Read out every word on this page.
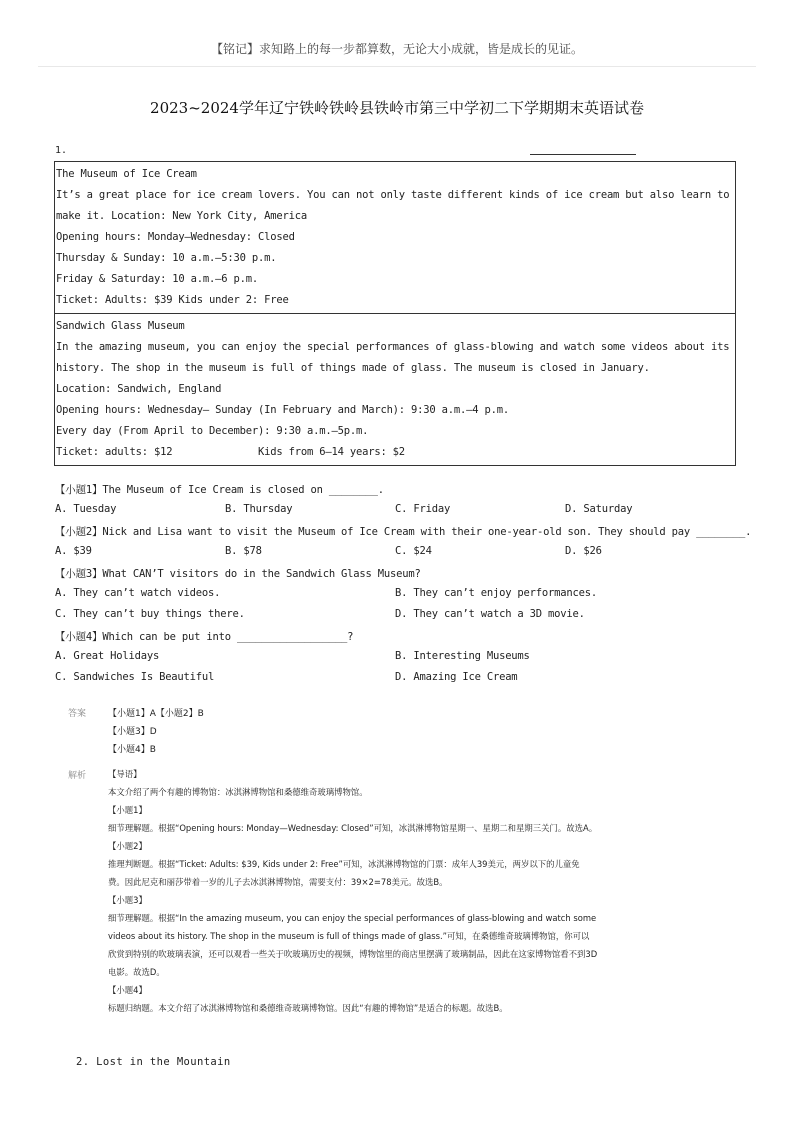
【铭记】求知路上的每一步都算数，无论大小成就，皆是成长的见证。
2023~2024学年辽宁铁岭铁岭县铁岭市第三中学初二下学期期末英语试卷
1.
The Museum of Ice Cream
It’s a great place for ice cream lovers. You can not only taste different kinds of ice cream but also learn to
make it. Location: New York City, America
Opening hours: Monday—Wednesday: Closed
Thursday & Sunday: 10 a.m.—5:30 p.m.
Friday & Saturday: 10 a.m.—6 p.m.
Ticket: Adults: $39 Kids under 2: Free
Sandwich Glass Museum
In the amazing museum, you can enjoy the special performances of glass-blowing and watch some videos about its
history. The shop in the museum is full of things made of glass. The museum is closed in January.
Location: Sandwich, England
Opening hours: Wednesday— Sunday (In February and March): 9:30 a.m.—4 p.m.
Every day (From April to December): 9:30 a.m.—5p.m.
Ticket: adults: $12              Kids from 6—14 years: $2
【小题1】The Museum of Ice Cream is closed on ________.
A. Tuesday	B. Thursday	C. Friday	D. Saturday
【小题2】Nick and Lisa want to visit the Museum of Ice Cream with their one-year-old son. They should pay ________.
A. $39	B. $78	C. $24	D. $26
【小题3】What CAN’T visitors do in the Sandwich Glass Museum?
A. They can’t watch videos.	B. They can’t enjoy performances.
C. They can’t buy things there.	D. They can’t watch a 3D movie.
【小题4】Which can be put into __________________?
A. Great Holidays	B. Interesting Museums
C. Sandwiches Is Beautiful	D. Amazing Ice Cream
答案 【小题1】A【小题2】B
【小题3】D
【小题4】B
解析	【导语】
本文介绍了两个有趣的博物馆：冰淇淋博物馆和桑德维奇玻璃博物馆。
【小题1】
细节理解题。根据“Opening hours: Monday—Wednesday: Closed”可知，冰淇淋博物馆星期一、星期二和星期三关门。故选A。
【小题2】
推理判断题。根据“Ticket: Adults: $39, Kids under 2: Free”可知，冰淇淋博物馆的门票：成年人39美元，两岁以下的儿童免
费。因此尼克和丽莎带着一岁的儿子去冰淇淋博物馆，需要支付：39×2=78美元。故选B。
【小题3】
细节理解题。根据“In the amazing museum, you can enjoy the special performances of glass-blowing and watch some
videos about its history. The shop in the museum is full of things made of glass.”可知，在桑德维奇玻璃博物馆，你可以
欣赏到特别的吹玻璃表演，还可以观看一些关于吹玻璃历史的视频，博物馆里的商店里摆满了玻璃制品，因此在这家博物馆看不到3D
电影。故选D。
【小题4】
标题归纳题。本文介绍了冰淇淋博物馆和桑德维奇玻璃博物馆。因此“有趣的博物馆”是适合的标题。故选B。
2. Lost in the Mountain
